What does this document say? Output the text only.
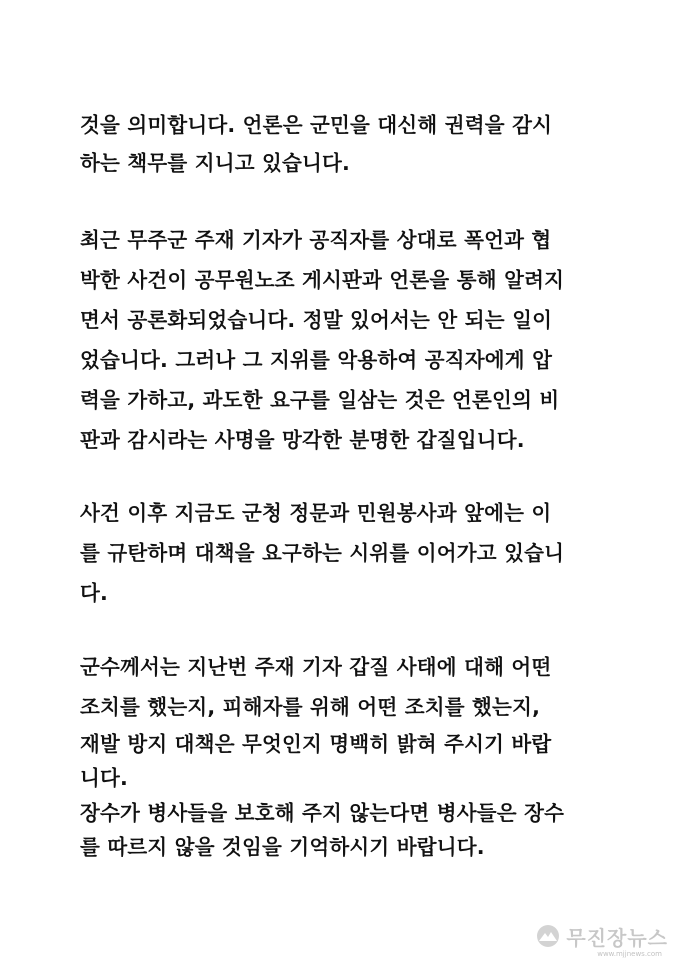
것을 의미합니다. 언론은 군민을 대신해 권력을 감시
하는 책무를 지니고 있습니다.
최근 무주군 주재 기자가 공직자를 상대로 폭언과 협
박한 사건이 공무원노조 게시판과 언론을 통해 알려지
면서 공론화되었습니다. 정말 있어서는 안 되는 일이
었습니다. 그러나 그 지위를 악용하여 공직자에게 압
력을 가하고, 과도한 요구를 일삼는 것은 언론인의 비
판과 감시라는 사명을 망각한 분명한 갑질입니다.
사건 이후 지금도 군청 정문과 민원봉사과 앞에는 이
를 규탄하며 대책을 요구하는 시위를 이어가고 있습니
다.
군수께서는 지난번 주재 기자 갑질 사태에 대해 어떤
조치를 했는지, 피해자를 위해 어떤 조치를 했는지,
재발 방지 대책은 무엇인지 명백히 밝혀 주시기 바랍
니다.
장수가 병사들을 보호해 주지 않는다면 병사들은 장수
를 따르지 않을 것임을 기억하시기 바랍니다.
무진장뉴스
www.mjjnews.com
